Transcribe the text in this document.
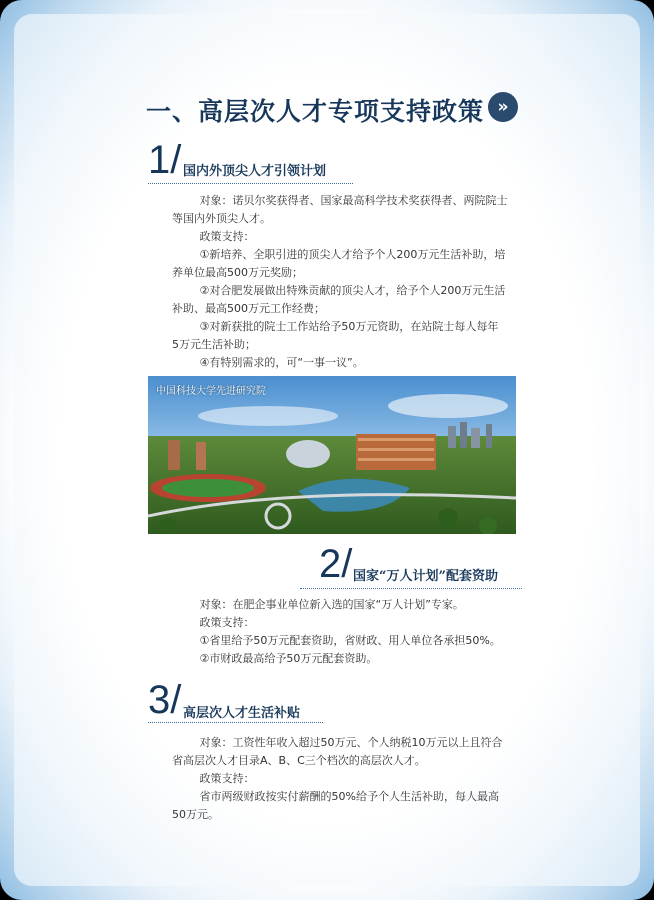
一、高层次人才专项支持政策 »
1/ 国内外顶尖人才引领计划

对象：诺贝尔奖获得者、国家最高科学技术奖获得者、两院院士

等国内外顶尖人才。

政策支持：

①新培养、全职引进的顶尖人才给予个人200万元生活补助，培

养单位最高500万元奖励；

②对合肥发展做出特殊贡献的顶尖人才，给予个人200万元生活

补助、最高500万元工作经费；

③对新获批的院士工作站给予50万元资助，在站院士每人每年

5万元生活补助；

④有特别需求的，可“一事一议”。

中国科技大学先进研究院
2/ 国家“万人计划”配套资助

对象：在肥企事业单位新入选的国家“万人计划”专家。

政策支持：

①省里给予50万元配套资助，省财政、用人单位各承担50%。

②市财政最高给予50万元配套资助。

3/ 高层次人才生活补贴

对象：工资性年收入超过50万元、个人纳税10万元以上且符合

省高层次人才目录A、B、C三个档次的高层次人才。

政策支持：

省市两级财政按实付薪酬的50%给予个人生活补助，每人最高

50万元。
